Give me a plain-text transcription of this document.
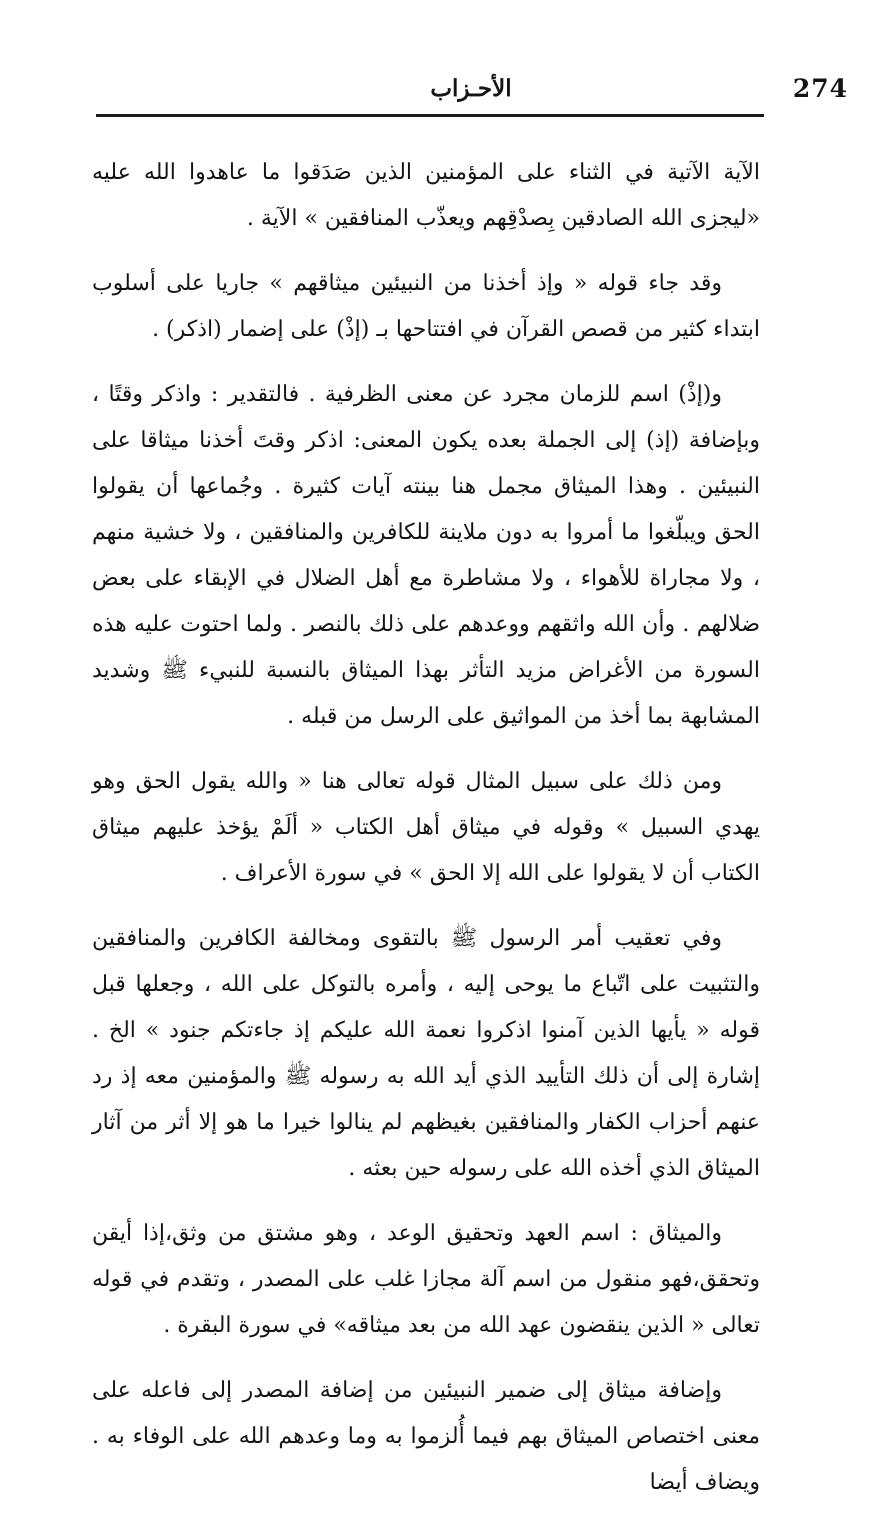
274
الأحـزاب

الآية الآتية في الثناء على المؤمنين الذين صَدَقوا ما عاهدوا الله عليه «ليجزى الله الصادقين بِصدْقِهم ويعذّب المنافقين » الآية .

وقد جاء قوله « وإذ أخذنا من النبيئين ميثاقهم » جاريا على أسلوب ابتداء كثير من قصص القرآن في افتتاحها بـ (إذْ) على إضمار (اذكر) .

و(إذْ) اسم للزمان مجرد عن معنى الظرفية . فالتقدير : واذكر وقتًا ، وبإضافة (إذ) إلى الجملة بعده يكون المعنى: اذكر وقتَ أخذنا ميثاقا على النبيئين . وهذا الميثاق مجمل هنا بينته آيات كثيرة . وجُماعها أن يقولوا الحق ويبلّغوا ما أمروا به دون ملاينة للكافرين والمنافقين ، ولا خشية منهم ، ولا مجاراة للأهواء ، ولا مشاطرة مع أهل الضلال في الإبقاء على بعض ضلالهم . وأن الله واثقهم ووعدهم على ذلك بالنصر . ولما احتوت عليه هذه السورة من الأغراض مزيد التأثر بهذا الميثاق بالنسبة للنبيء ﷺ وشديد المشابهة بما أخذ من المواثيق على الرسل من قبله .

ومن ذلك على سبيل المثال قوله تعالى هنا « والله يقول الحق وهو يهدي السبيل » وقوله في ميثاق أهل الكتاب « ألَمْ يؤخذ عليهم ميثاق الكتاب أن لا يقولوا على الله إلا الحق » في سورة الأعراف .

وفي تعقيب أمر الرسول ﷺ بالتقوى ومخالفة الكافرين والمنافقين والتثبيت على اتّباع ما يوحى إليه ، وأمره بالتوكل على الله ، وجعلها قبل قوله « يأيها الذين آمنوا اذكروا نعمة الله عليكم إذ جاءتكم جنود » الخ . إشارة إلى أن ذلك التأييد الذي أيد الله به رسوله ﷺ والمؤمنين معه إذ رد عنهم أحزاب الكفار والمنافقين بغيظهم لم ينالوا خيرا ما هو إلا أثر من آثار الميثاق الذي أخذه الله على رسوله حين بعثه .

والميثاق : اسم العهد وتحقيق الوعد ، وهو مشتق من وثق،إذا أيقن وتحقق،فهو منقول من اسم آلة مجازا غلب على المصدر ، وتقدم في قوله تعالى « الذين ينقضون عهد الله من بعد ميثاقه» في سورة البقرة .

وإضافة ميثاق إلى ضمير النبيئين من إضافة المصدر إلى فاعله على معنى اختصاص الميثاق بهم فيما أُلزموا به وما وعدهم الله على الوفاء به . ويضاف أيضا
